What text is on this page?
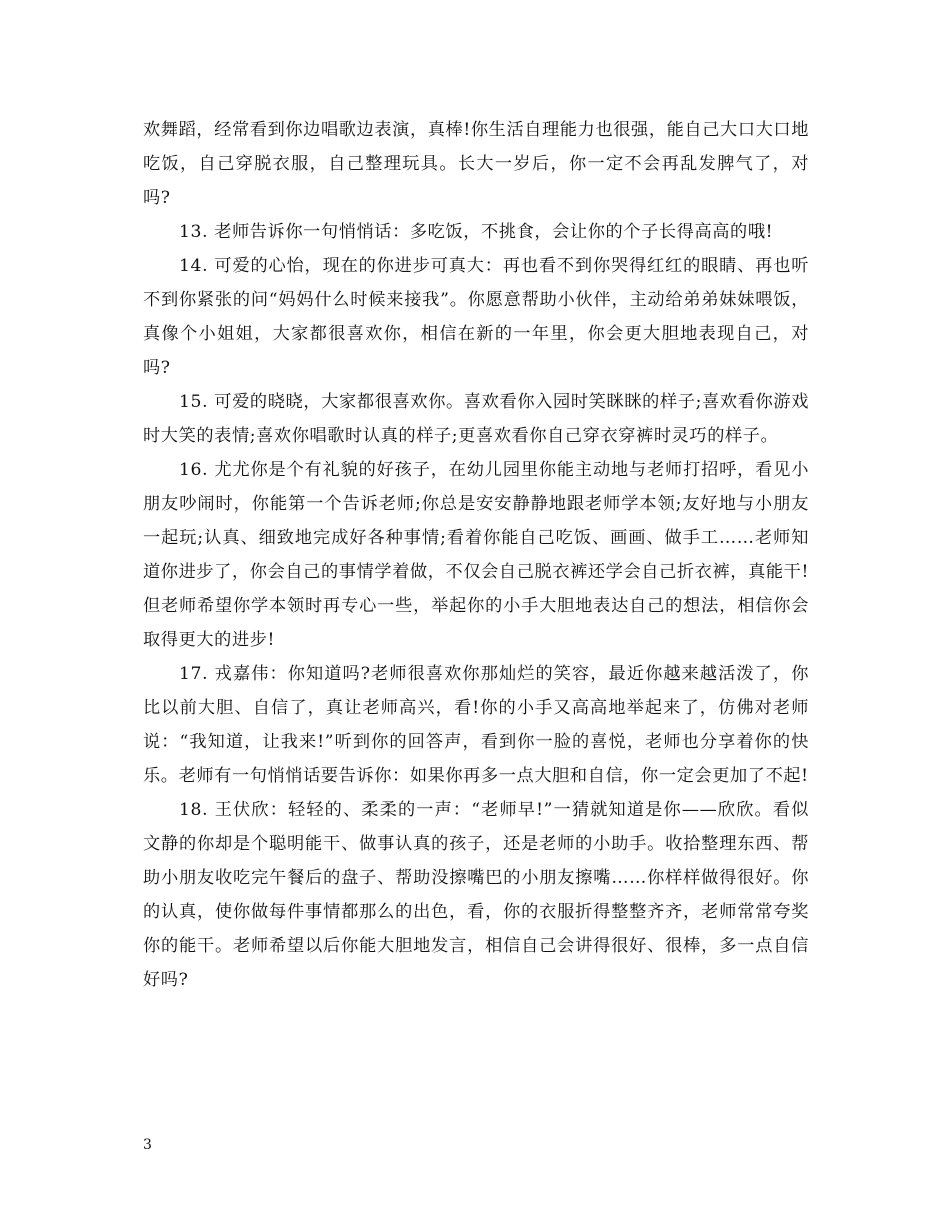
欢舞蹈，经常看到你边唱歌边表演，真棒!你生活自理能力也很强，能自己大口大口地吃饭，自己穿脱衣服，自己整理玩具。长大一岁后，你一定不会再乱发脾气了，对吗?

13. 老师告诉你一句悄悄话：多吃饭，不挑食，会让你的个子长得高高的哦!

14. 可爱的心怡，现在的你进步可真大：再也看不到你哭得红红的眼睛、再也听不到你紧张的问“妈妈什么时候来接我”。你愿意帮助小伙伴，主动给弟弟妹妹喂饭，真像个小姐姐，大家都很喜欢你，相信在新的一年里，你会更大胆地表现自己，对吗?

15. 可爱的晓晓，大家都很喜欢你。喜欢看你入园时笑眯眯的样子;喜欢看你游戏时大笑的表情;喜欢你唱歌时认真的样子;更喜欢看你自己穿衣穿裤时灵巧的样子。

16. 尤尤你是个有礼貌的好孩子，在幼儿园里你能主动地与老师打招呼，看见小朋友吵闹时，你能第一个告诉老师;你总是安安静静地跟老师学本领;友好地与小朋友一起玩;认真、细致地完成好各种事情;看着你能自己吃饭、画画、做手工……老师知道你进步了，你会自己的事情学着做，不仅会自己脱衣裤还学会自己折衣裤，真能干!但老师希望你学本领时再专心一些，举起你的小手大胆地表达自己的想法，相信你会取得更大的进步!

17. 戎嘉伟：你知道吗?老师很喜欢你那灿烂的笑容，最近你越来越活泼了，你比以前大胆、自信了，真让老师高兴，看!你的小手又高高地举起来了，仿佛对老师说：“我知道，让我来!”听到你的回答声，看到你一脸的喜悦，老师也分享着你的快乐。老师有一句悄悄话要告诉你：如果你再多一点大胆和自信，你一定会更加了不起!

18. 王伏欣：轻轻的、柔柔的一声：“老师早!”一猜就知道是你——欣欣。看似文静的你却是个聪明能干、做事认真的孩子，还是老师的小助手。收拾整理东西、帮助小朋友收吃完午餐后的盘子、帮助没擦嘴巴的小朋友擦嘴……你样样做得很好。你的认真，使你做每件事情都那么的出色，看，你的衣服折得整整齐齐，老师常常夸奖你的能干。老师希望以后你能大胆地发言，相信自己会讲得很好、很棒，多一点自信好吗?

3
